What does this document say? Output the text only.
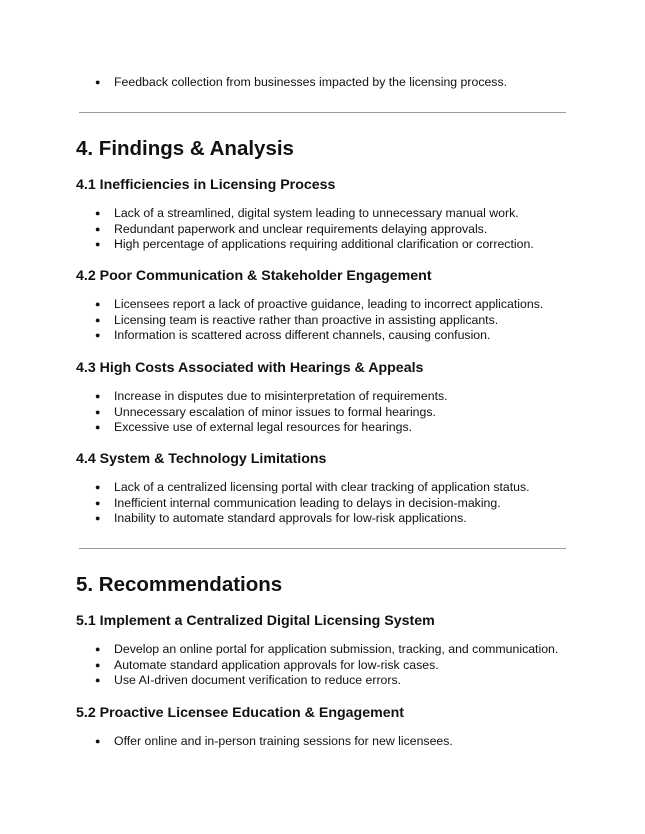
● Feedback collection from businesses impacted by the licensing process.
4. Findings & Analysis
4.1 Inefficiencies in Licensing Process
● Lack of a streamlined, digital system leading to unnecessary manual work.
● Redundant paperwork and unclear requirements delaying approvals.
● High percentage of applications requiring additional clarification or correction.
4.2 Poor Communication & Stakeholder Engagement
● Licensees report a lack of proactive guidance, leading to incorrect applications.
● Licensing team is reactive rather than proactive in assisting applicants.
● Information is scattered across different channels, causing confusion.
4.3 High Costs Associated with Hearings & Appeals
● Increase in disputes due to misinterpretation of requirements.
● Unnecessary escalation of minor issues to formal hearings.
● Excessive use of external legal resources for hearings.
4.4 System & Technology Limitations
● Lack of a centralized licensing portal with clear tracking of application status.
● Inefficient internal communication leading to delays in decision-making.
● Inability to automate standard approvals for low-risk applications.
5. Recommendations
5.1 Implement a Centralized Digital Licensing System
● Develop an online portal for application submission, tracking, and communication.
● Automate standard application approvals for low-risk cases.
● Use AI-driven document verification to reduce errors.
5.2 Proactive Licensee Education & Engagement
● Offer online and in-person training sessions for new licensees.
